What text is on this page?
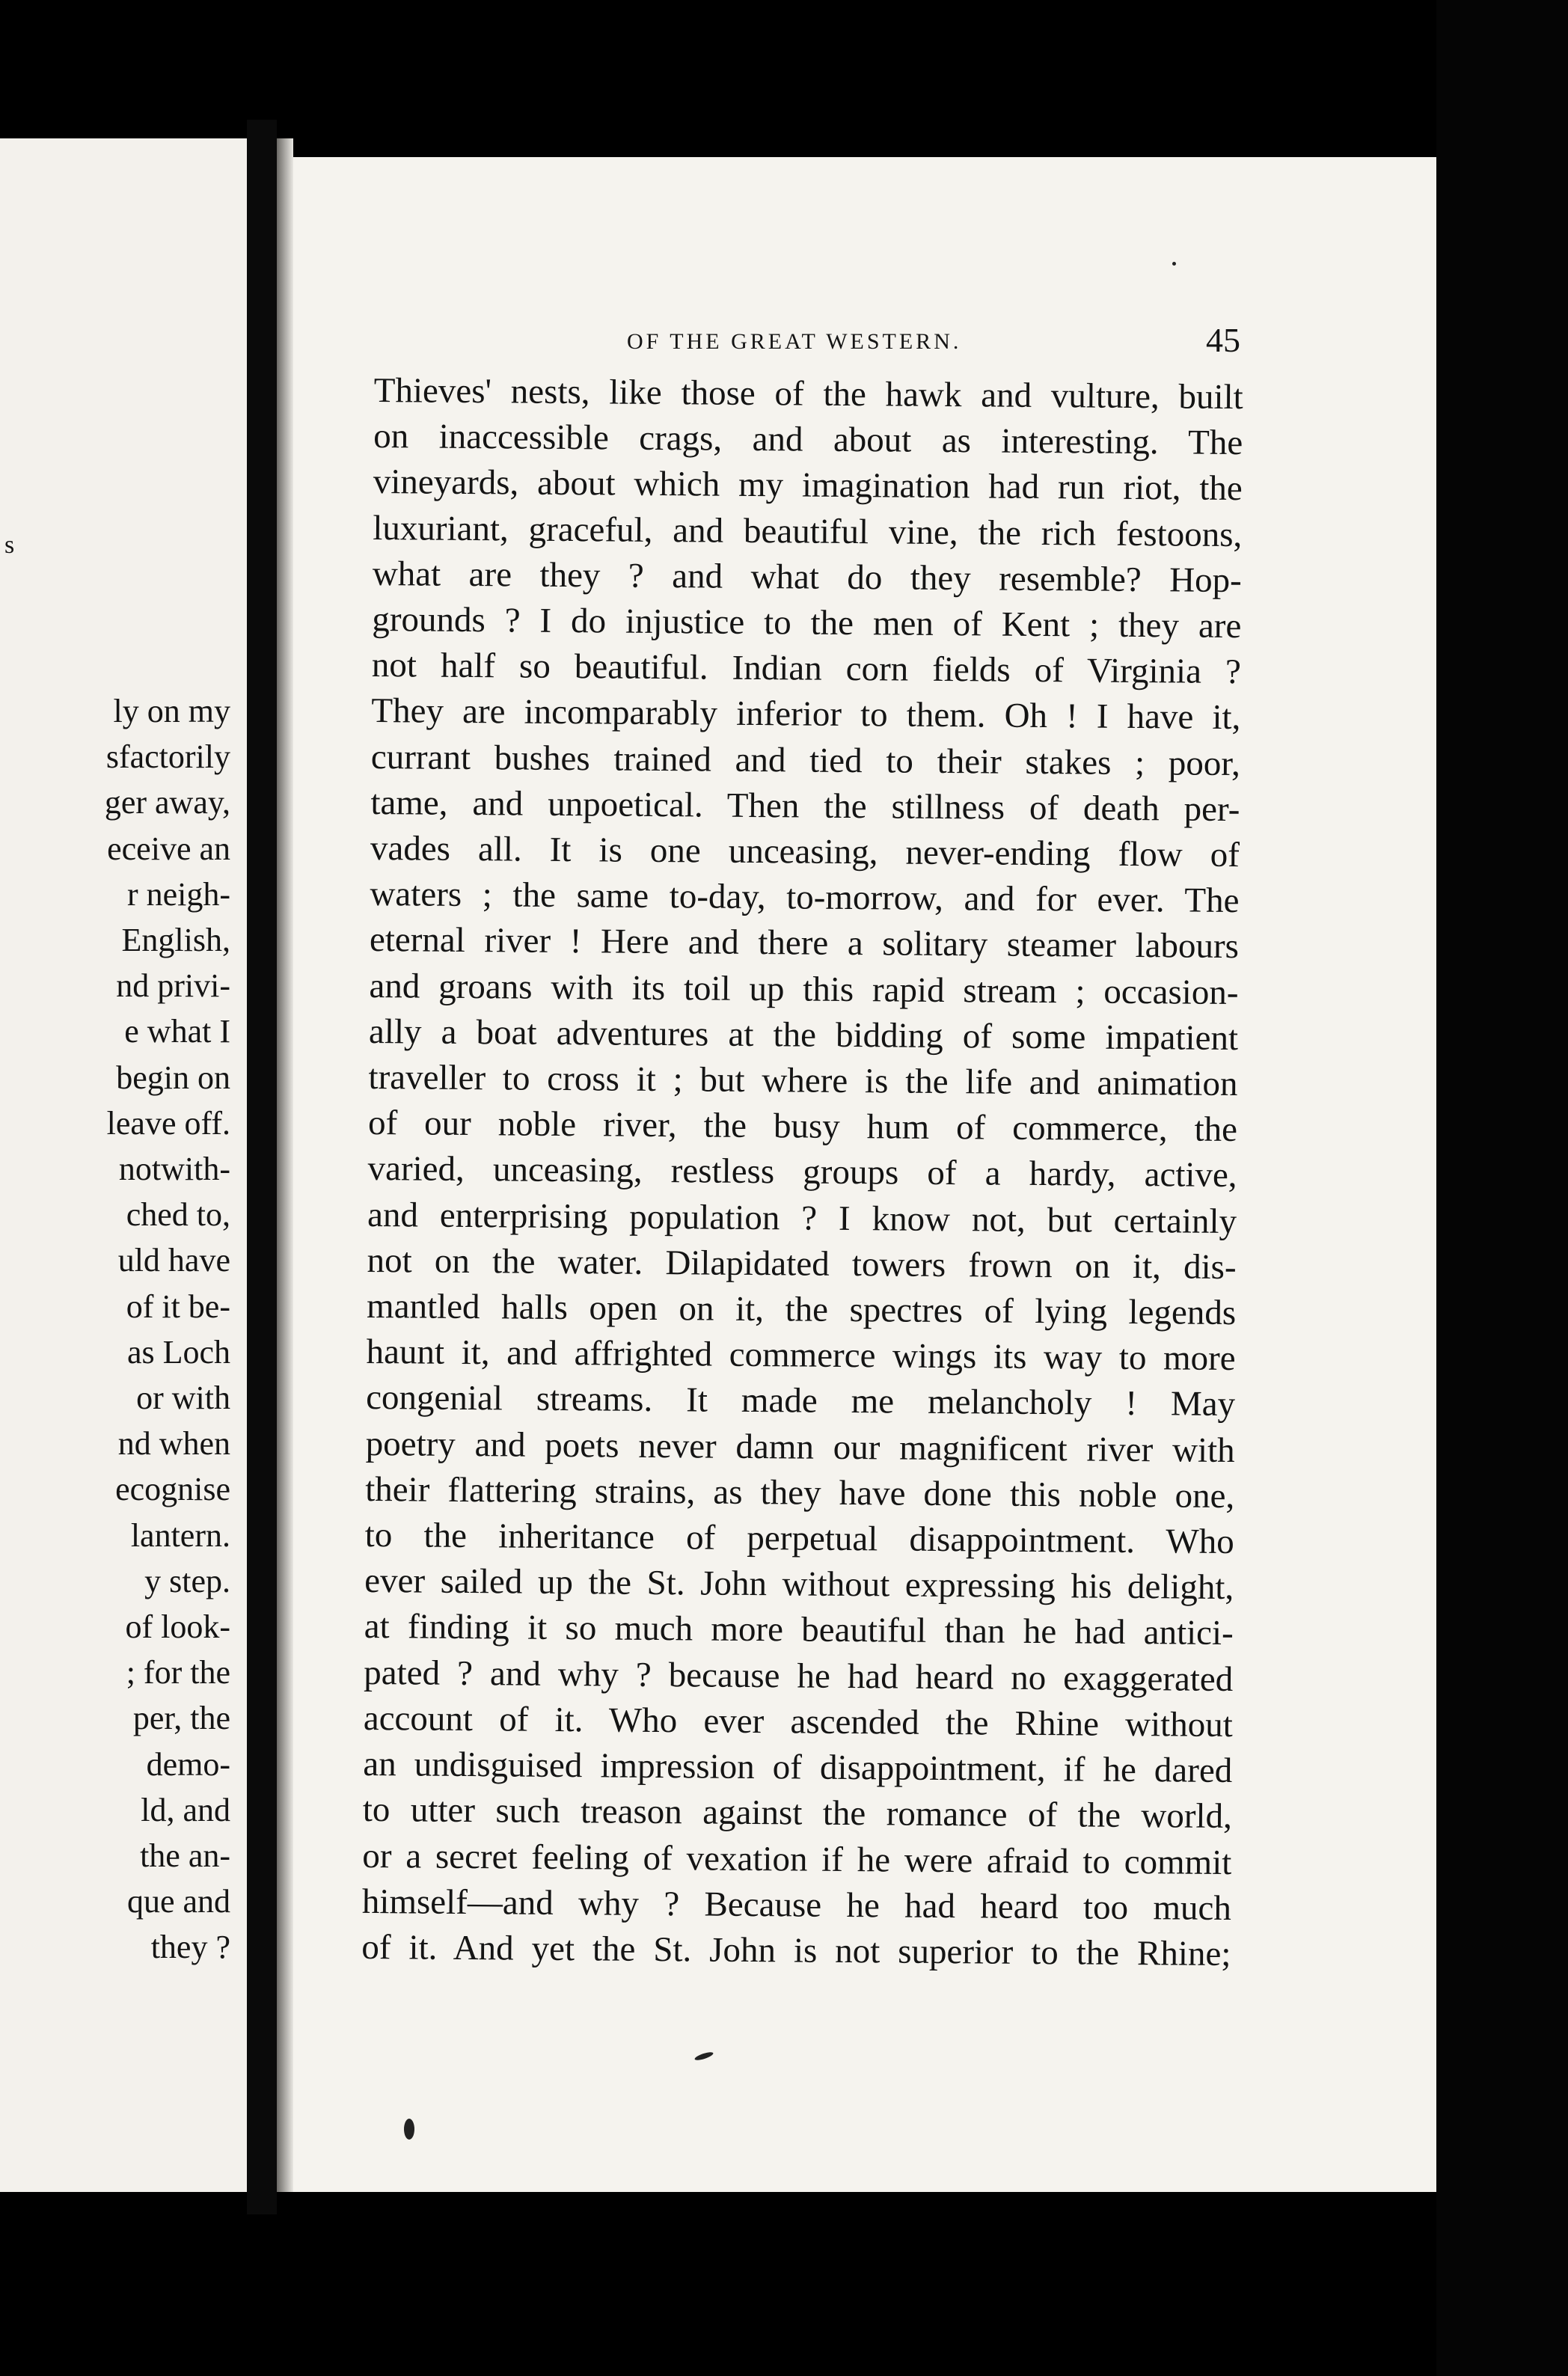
s
ly on my
sfactorily
ger away,
eceive an
r neigh-
English,
nd privi-
e what I
begin on
leave off.
notwith-
ched to,
uld have
of it be-
as Loch
or with
nd when
ecognise
lantern.
y step.
of look-
; for the
per, the
demo-
ld, and
the an-
que and
they ?
OF THE GREAT WESTERN.	45
Thieves' nests, like those of the hawk and vulture, built
on inaccessible crags, and about as interesting. The
vineyards, about which my imagination had run riot, the
luxuriant, graceful, and beautiful vine, the rich festoons,
what are they ? and what do they resemble? Hop-
grounds ? I do injustice to the men of Kent ; they are
not half so beautiful. Indian corn fields of Virginia ?
They are incomparably inferior to them. Oh ! I have it,
currant bushes trained and tied to their stakes ; poor,
tame, and unpoetical. Then the stillness of death per-
vades all. It is one unceasing, never-ending flow of
waters ; the same to-day, to-morrow, and for ever. The
eternal river ! Here and there a solitary steamer labours
and groans with its toil up this rapid stream ; occasion-
ally a boat adventures at the bidding of some impatient
traveller to cross it ; but where is the life and animation
of our noble river, the busy hum of commerce, the
varied, unceasing, restless groups of a hardy, active,
and enterprising population ? I know not, but certainly
not on the water. Dilapidated towers frown on it, dis-
mantled halls open on it, the spectres of lying legends
haunt it, and affrighted commerce wings its way to more
congenial streams. It made me melancholy ! May
poetry and poets never damn our magnificent river with
their flattering strains, as they have done this noble one,
to the inheritance of perpetual disappointment. Who
ever sailed up the St. John without expressing his delight,
at finding it so much more beautiful than he had antici-
pated ? and why ? because he had heard no exaggerated
account of it. Who ever ascended the Rhine without
an undisguised impression of disappointment, if he dared
to utter such treason against the romance of the world,
or a secret feeling of vexation if he were afraid to commit
himself—and why ? Because he had heard too much
of it. And yet the St. John is not superior to the Rhine;
